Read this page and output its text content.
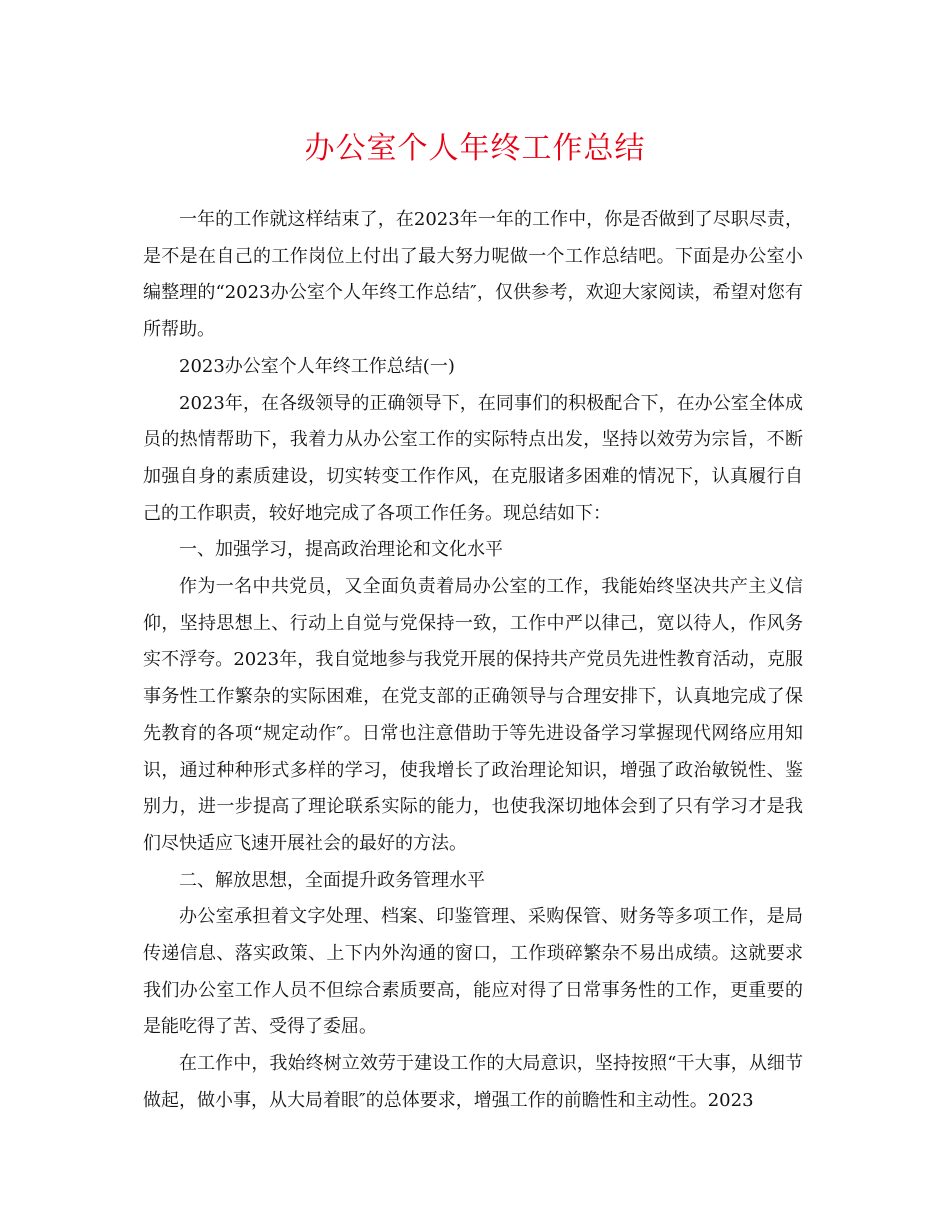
办公室个人年终工作总结

一年的工作就这样结束了，在2023年一年的工作中，你是否做到了尽职尽责，是不是在自己的工作岗位上付出了最大努力呢做一个工作总结吧。下面是办公室小编整理的“2023办公室个人年终工作总结″，仅供参考，欢迎大家阅读，希望对您有所帮助。

2023办公室个人年终工作总结(一)

2023年，在各级领导的正确领导下，在同事们的积极配合下，在办公室全体成员的热情帮助下，我着力从办公室工作的实际特点出发，坚持以效劳为宗旨，不断加强自身的素质建设，切实转变工作作风，在克服诸多困难的情况下，认真履行自己的工作职责，较好地完成了各项工作任务。现总结如下：

一、加强学习，提高政治理论和文化水平

作为一名中共党员，又全面负责着局办公室的工作，我能始终坚决共产主义信仰，坚持思想上、行动上自觉与党保持一致，工作中严以律己，宽以待人，作风务实不浮夸。2023年，我自觉地参与我党开展的保持共产党员先进性教育活动，克服事务性工作繁杂的实际困难，在党支部的正确领导与合理安排下，认真地完成了保先教育的各项“规定动作″。日常也注意借助于等先进设备学习掌握现代网络应用知识，通过种种形式多样的学习，使我增长了政治理论知识，增强了政治敏锐性、鉴别力，进一步提高了理论联系实际的能力，也使我深切地体会到了只有学习才是我们尽快适应飞速开展社会的最好的方法。

二、解放思想，全面提升政务管理水平

办公室承担着文字处理、档案、印鉴管理、采购保管、财务等多项工作，是局传递信息、落实政策、上下内外沟通的窗口，工作琐碎繁杂不易出成绩。这就要求我们办公室工作人员不但综合素质要高，能应对得了日常事务性的工作，更重要的是能吃得了苦、受得了委屈。

在工作中，我始终树立效劳于建设工作的大局意识，坚持按照“干大事，从细节做起，做小事，从大局着眼″的总体要求，增强工作的前瞻性和主动性。2023
